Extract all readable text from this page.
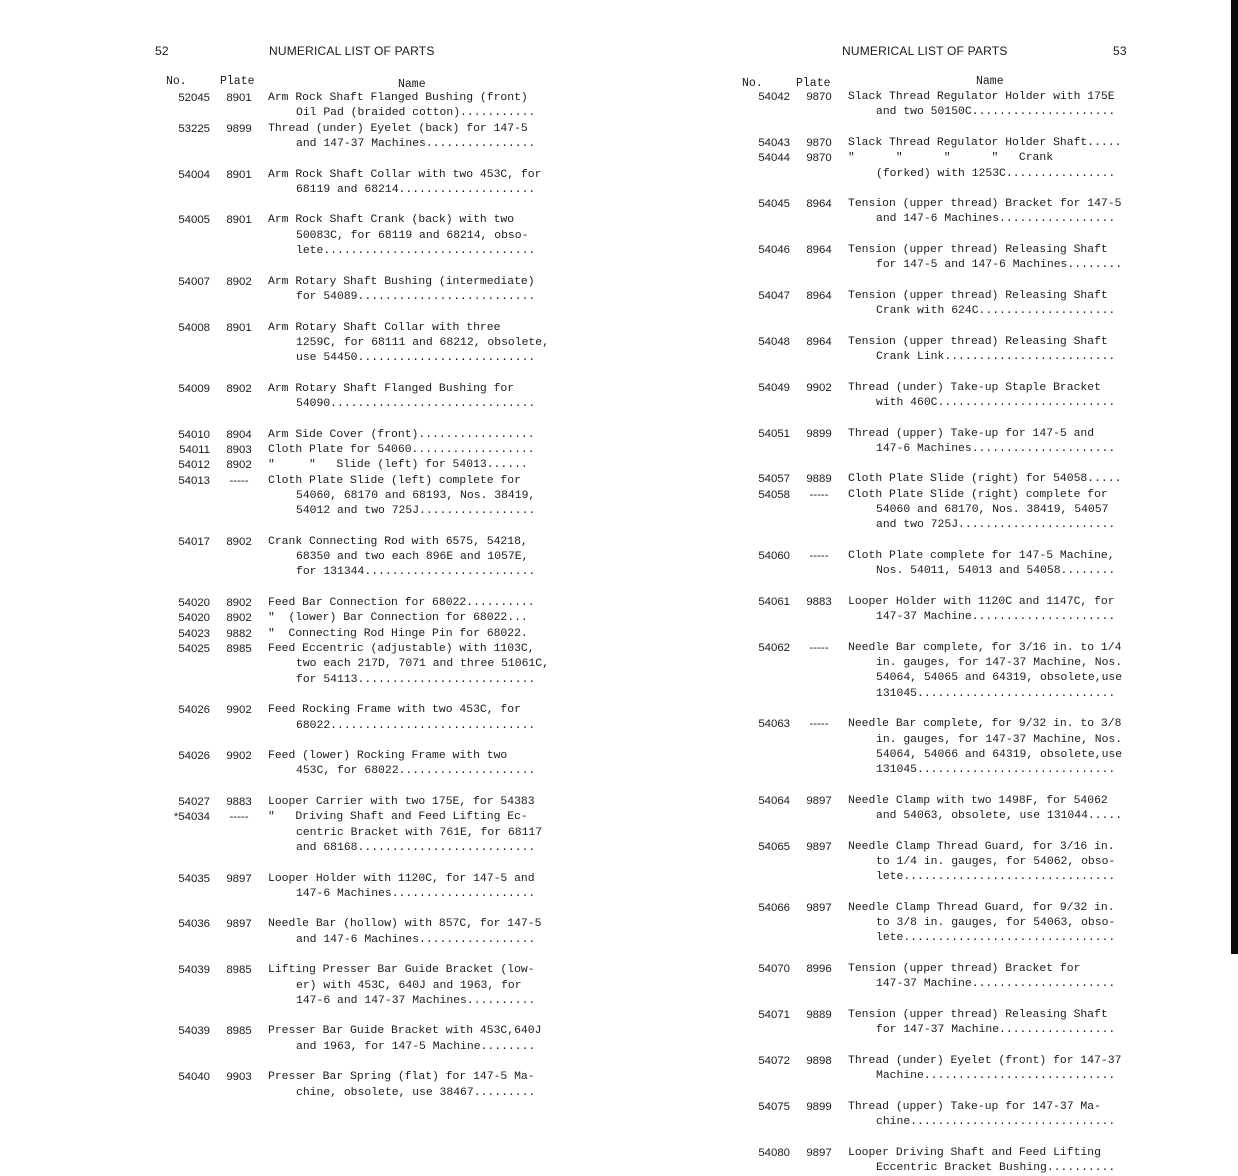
52	NUMERICAL LIST OF PARTS
No.	Plate	Name
52045	8901	Arm Rock Shaft Flanged Bushing (front)
Oil Pad (braided cotton)...........
53225	9899	Thread (under) Eyelet (back) for 147-5
and 147-37 Machines................
54004	8901	Arm Rock Shaft Collar with two 453C, for
68119 and 68214....................
54005	8901	Arm Rock Shaft Crank (back) with two
50083C, for 68119 and 68214, obso-
lete...............................
54007	8902	Arm Rotary Shaft Bushing (intermediate)
for 54089..........................
54008	8901	Arm Rotary Shaft Collar with three
1259C, for 68111 and 68212, obsolete,
use 54450..........................
54009	8902	Arm Rotary Shaft Flanged Bushing for
54090..............................
54010	8904	Arm Side Cover (front).................
54011	8903	Cloth Plate for 54060..................
54012	8902	"     "   Slide (left) for 54013......
54013	-----	Cloth Plate Slide (left) complete for
54060, 68170 and 68193, Nos. 38419,
54012 and two 725J.................
54017	8902	Crank Connecting Rod with 6575, 54218,
68350 and two each 896E and 1057E,
for 131344.........................
54020	8902	Feed Bar Connection for 68022..........
54020	8902	"  (lower) Bar Connection for 68022...
54023	9882	"  Connecting Rod Hinge Pin for 68022.
54025	8985	Feed Eccentric (adjustable) with 1103C,
two each 217D, 7071 and three 51061C,
for 54113..........................
54026	9902	Feed Rocking Frame with two 453C, for
68022..............................
54026	9902	Feed (lower) Rocking Frame with two
453C, for 68022....................
54027	9883	Looper Carrier with two 175E, for 54383
*54034	-----	"   Driving Shaft and Feed Lifting Ec-
centric Bracket with 761E, for 68117
and 68168..........................
54035	9897	Looper Holder with 1120C, for 147-5 and
147-6 Machines.....................
54036	9897	Needle Bar (hollow) with 857C, for 147-5
and 147-6 Machines.................
54039	8985	Lifting Presser Bar Guide Bracket (low-
er) with 453C, 640J and 1963, for
147-6 and 147-37 Machines..........
54039	8985	Presser Bar Guide Bracket with 453C,640J
and 1963, for 147-5 Machine........
54040	9903	Presser Bar Spring (flat) for 147-5 Ma-
chine, obsolete, use 38467.........
NUMERICAL LIST OF PARTS	53
No.	Plate	Name
54042	9870	Slack Thread Regulator Holder with 175E
and two 50150C.....................
54043	9870	Slack Thread Regulator Holder Shaft.....
54044	9870	"      "      "      "   Crank
(forked) with 1253C................
54045	8964	Tension (upper thread) Bracket for 147-5
and 147-6 Machines.................
54046	8964	Tension (upper thread) Releasing Shaft
for 147-5 and 147-6 Machines........
54047	8964	Tension (upper thread) Releasing Shaft
Crank with 624C....................
54048	8964	Tension (upper thread) Releasing Shaft
Crank Link.........................
54049	9902	Thread (under) Take-up Staple Bracket
with 460C..........................
54051	9899	Thread (upper) Take-up for 147-5 and
147-6 Machines.....................
54057	9889	Cloth Plate Slide (right) for 54058.....
54058	-----	Cloth Plate Slide (right) complete for
54060 and 68170, Nos. 38419, 54057
and two 725J.......................
54060	-----	Cloth Plate complete for 147-5 Machine,
Nos. 54011, 54013 and 54058........
54061	9883	Looper Holder with 1120C and 1147C, for
147-37 Machine.....................
54062	-----	Needle Bar complete, for 3/16 in. to 1/4
in. gauges, for 147-37 Machine, Nos.
54064, 54065 and 64319, obsolete,use
131045.............................
54063	-----	Needle Bar complete, for 9/32 in. to 3/8
in. gauges, for 147-37 Machine, Nos.
54064, 54066 and 64319, obsolete,use
131045.............................
54064	9897	Needle Clamp with two 1498F, for 54062
and 54063, obsolete, use 131044.....
54065	9897	Needle Clamp Thread Guard, for 3/16 in.
to 1/4 in. gauges, for 54062, obso-
lete...............................
54066	9897	Needle Clamp Thread Guard, for 9/32 in.
to 3/8 in. gauges, for 54063, obso-
lete...............................
54070	8996	Tension (upper thread) Bracket for
147-37 Machine.....................
54071	9889	Tension (upper thread) Releasing Shaft
for 147-37 Machine.................
54072	9898	Thread (under) Eyelet (front) for 147-37
Machine............................
54075	9899	Thread (upper) Take-up for 147-37 Ma-
chine..............................
54080	9897	Looper Driving Shaft and Feed Lifting
Eccentric Bracket Bushing..........
